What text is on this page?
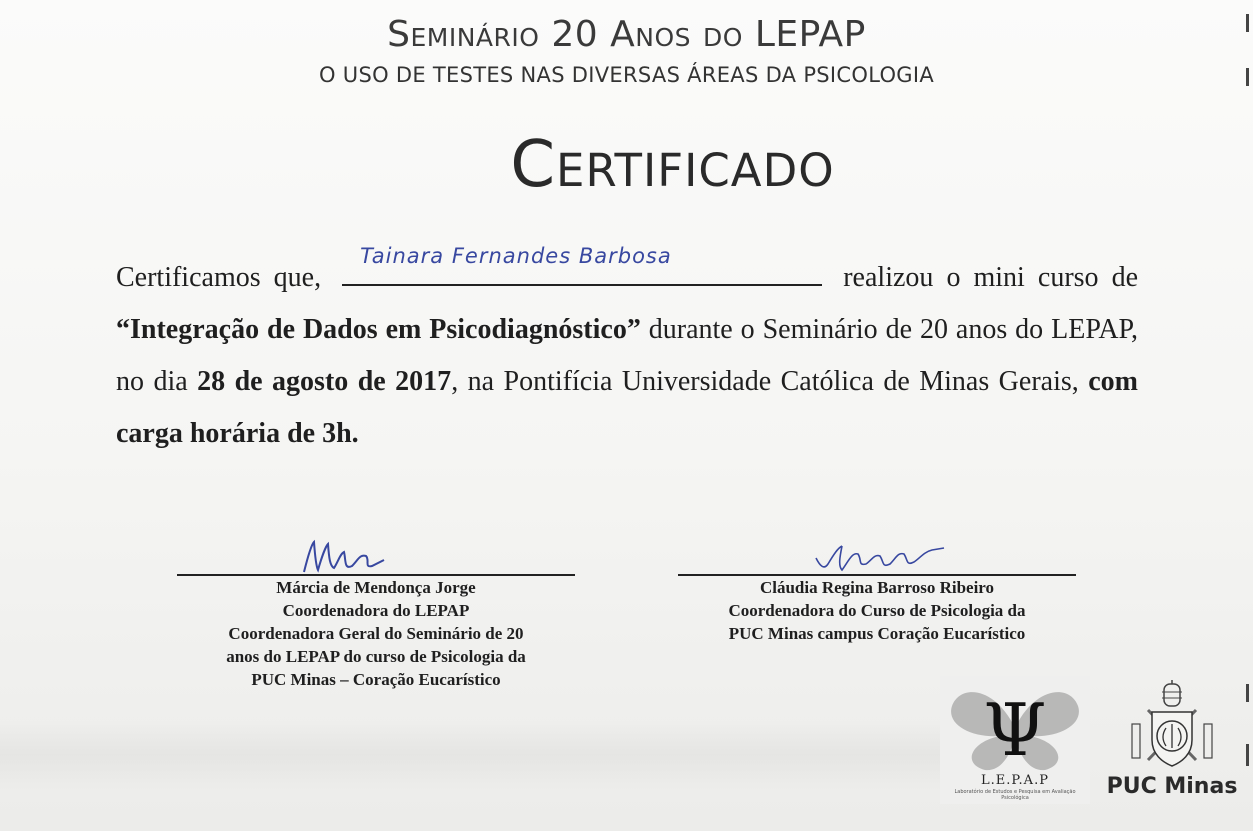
Seminário 20 Anos do LEPAP
O USO DE TESTES NAS DIVERSAS ÁREAS DA PSICOLOGIA
Certificado
Certificamos que,
Tainara Fernandes Barbosa
realizou o mini curso de “Integração de Dados em Psicodiagnóstico” durante o Seminário de 20 anos do LEPAP, no dia 28 de agosto de 2017, na Pontifícia Universidade Católica de Minas Gerais, com carga horária de 3h.
Márcia de Mendonça Jorge
Coordenadora do LEPAP
Coordenadora Geral do Seminário de 20
anos do LEPAP do curso de Psicologia da
PUC Minas – Coração Eucarístico
Cláudia Regina Barroso Ribeiro
Coordenadora do Curso de Psicologia da
PUC Minas campus Coração Eucarístico
Ψ
L.E.P.A.P
Laboratório de Estudos e Pesquisa em Avaliação Psicológica	PUC Minas
